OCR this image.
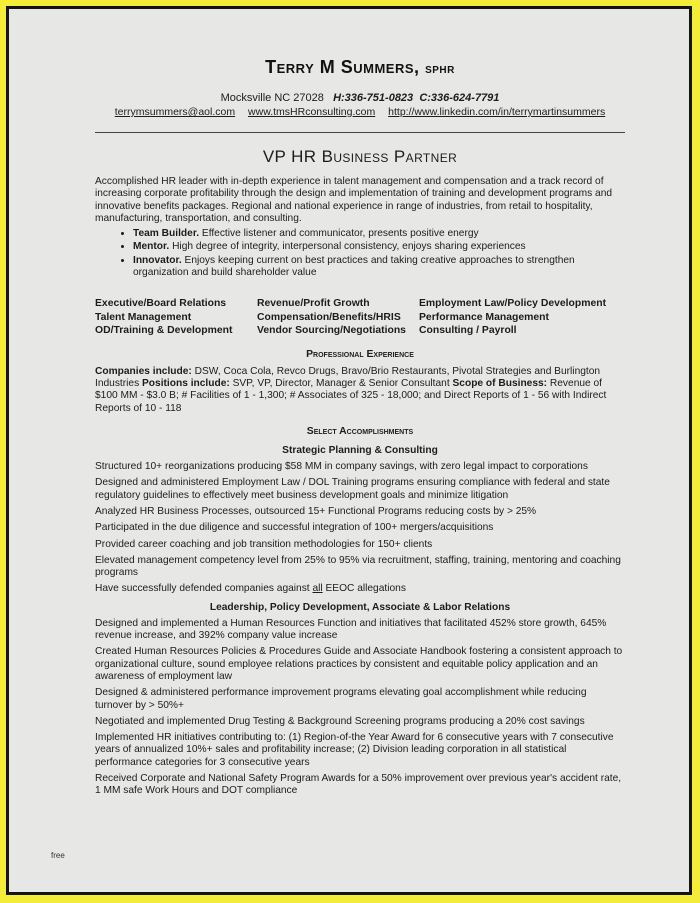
Terry M Summers, SPHR
Mocksville NC 27028 H:336-751-0823 C:336-624-7791
terrymsummers@aol.com www.tmsHRconsulting.com http://www.linkedin.com/in/terrymartinsummers
VP HR Business Partner
Accomplished HR leader with in-depth experience in talent management and compensation and a track record of increasing corporate profitability through the design and implementation of training and development programs and innovative benefits packages. Regional and national experience in range of industries, from retail to hospitality, manufacturing, transportation, and consulting.
• Team Builder. Effective listener and communicator, presents positive energy
• Mentor. High degree of integrity, interpersonal consistency, enjoys sharing experiences
• Innovator. Enjoys keeping current on best practices and taking creative approaches to strengthen organization and build shareholder value
Executive/Board Relations	Revenue/Profit Growth	Employment Law/Policy Development
Talent Management	Compensation/Benefits/HRIS	Performance Management
OD/Training & Development	Vendor Sourcing/Negotiations	Consulting / Payroll
Professional Experience
Companies include: DSW, Coca Cola, Revco Drugs, Bravo/Brio Restaurants, Pivotal Strategies and Burlington Industries Positions include: SVP, VP, Director, Manager & Senior Consultant Scope of Business: Revenue of $100 MM - $3.0 B; # Facilities of 1 - 1,300; # Associates of 325 - 18,000; and Direct Reports of 1 - 56 with Indirect Reports of 10 - 118
Select Accomplishments
Strategic Planning & Consulting
Structured 10+ reorganizations producing $58 MM in company savings, with zero legal impact to corporations
Designed and administered Employment Law / DOL Training programs ensuring compliance with federal and state regulatory guidelines to effectively meet business development goals and minimize litigation
Analyzed HR Business Processes, outsourced 15+ Functional Programs reducing costs by > 25%
Participated in the due diligence and successful integration of 100+ mergers/acquisitions
Provided career coaching and job transition methodologies for 150+ clients
Elevated management competency level from 25% to 95% via recruitment, staffing, training, mentoring and coaching programs
Have successfully defended companies against all EEOC allegations
Leadership, Policy Development, Associate & Labor Relations
Designed and implemented a Human Resources Function and initiatives that facilitated 452% store growth, 645% revenue increase, and 392% company value increase
Created Human Resources Policies & Procedures Guide and Associate Handbook fostering a consistent approach to organizational culture, sound employee relations practices by consistent and equitable policy application and an awareness of employment law
Designed & administered performance improvement programs elevating goal accomplishment while reducing turnover by > 50%+
Negotiated and implemented Drug Testing & Background Screening programs producing a 20% cost savings
Implemented HR initiatives contributing to: (1) Region-of-the Year Award for 6 consecutive years with 7 consecutive years of annualized 10%+ sales and profitability increase; (2) Division leading corporation in all statistical performance categories for 3 consecutive years
Received Corporate and National Safety Program Awards for a 50% improvement over previous year's accident rate, 1 MM safe Work Hours and DOT compliance
free
